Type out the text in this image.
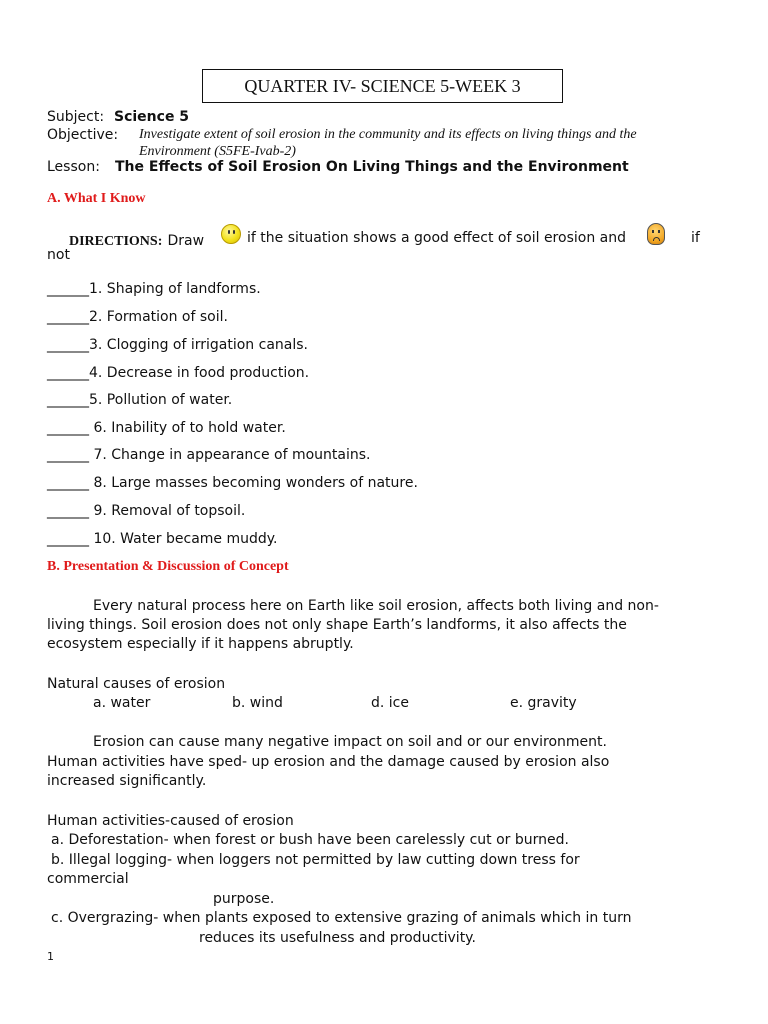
QUARTER IV- SCIENCE 5-WEEK 3
Subject: Science 5
Objective: Investigate extent of soil erosion in the community and its effects on living things and the
Environment (S5FE-Ivab-2)
Lesson: The Effects of Soil Erosion On Living Things and the Environment
A. What I Know
DIRECTIONS: Draw	if the situation shows a good effect of soil erosion and	if
not
______1. Shaping of landforms.
______2. Formation of soil.
______3. Clogging of irrigation canals.
______4. Decrease in food production.
______5. Pollution of water.
______ 6. Inability of to hold water.
______ 7. Change in appearance of mountains.
______ 8. Large masses becoming wonders of nature.
______ 9. Removal of topsoil.
______ 10. Water became muddy.
B. Presentation & Discussion of Concept
Every natural process here on Earth like soil erosion, affects both living and non-
living things. Soil erosion does not only shape Earth’s landforms, it also affects the
ecosystem especially if it happens abruptly.
Natural causes of erosion
a. water	b. wind	d. ice	e. gravity
Erosion can cause many negative impact on soil and or our environment.
Human activities have sped- up erosion and the damage caused by erosion also
increased significantly.
Human activities-caused of erosion
a. Deforestation- when forest or bush have been carelessly cut or burned.
b. Illegal logging- when loggers not permitted by law cutting down tress for
commercial
purpose.
c. Overgrazing- when plants exposed to extensive grazing of animals which in turn
reduces its usefulness and productivity.
1
